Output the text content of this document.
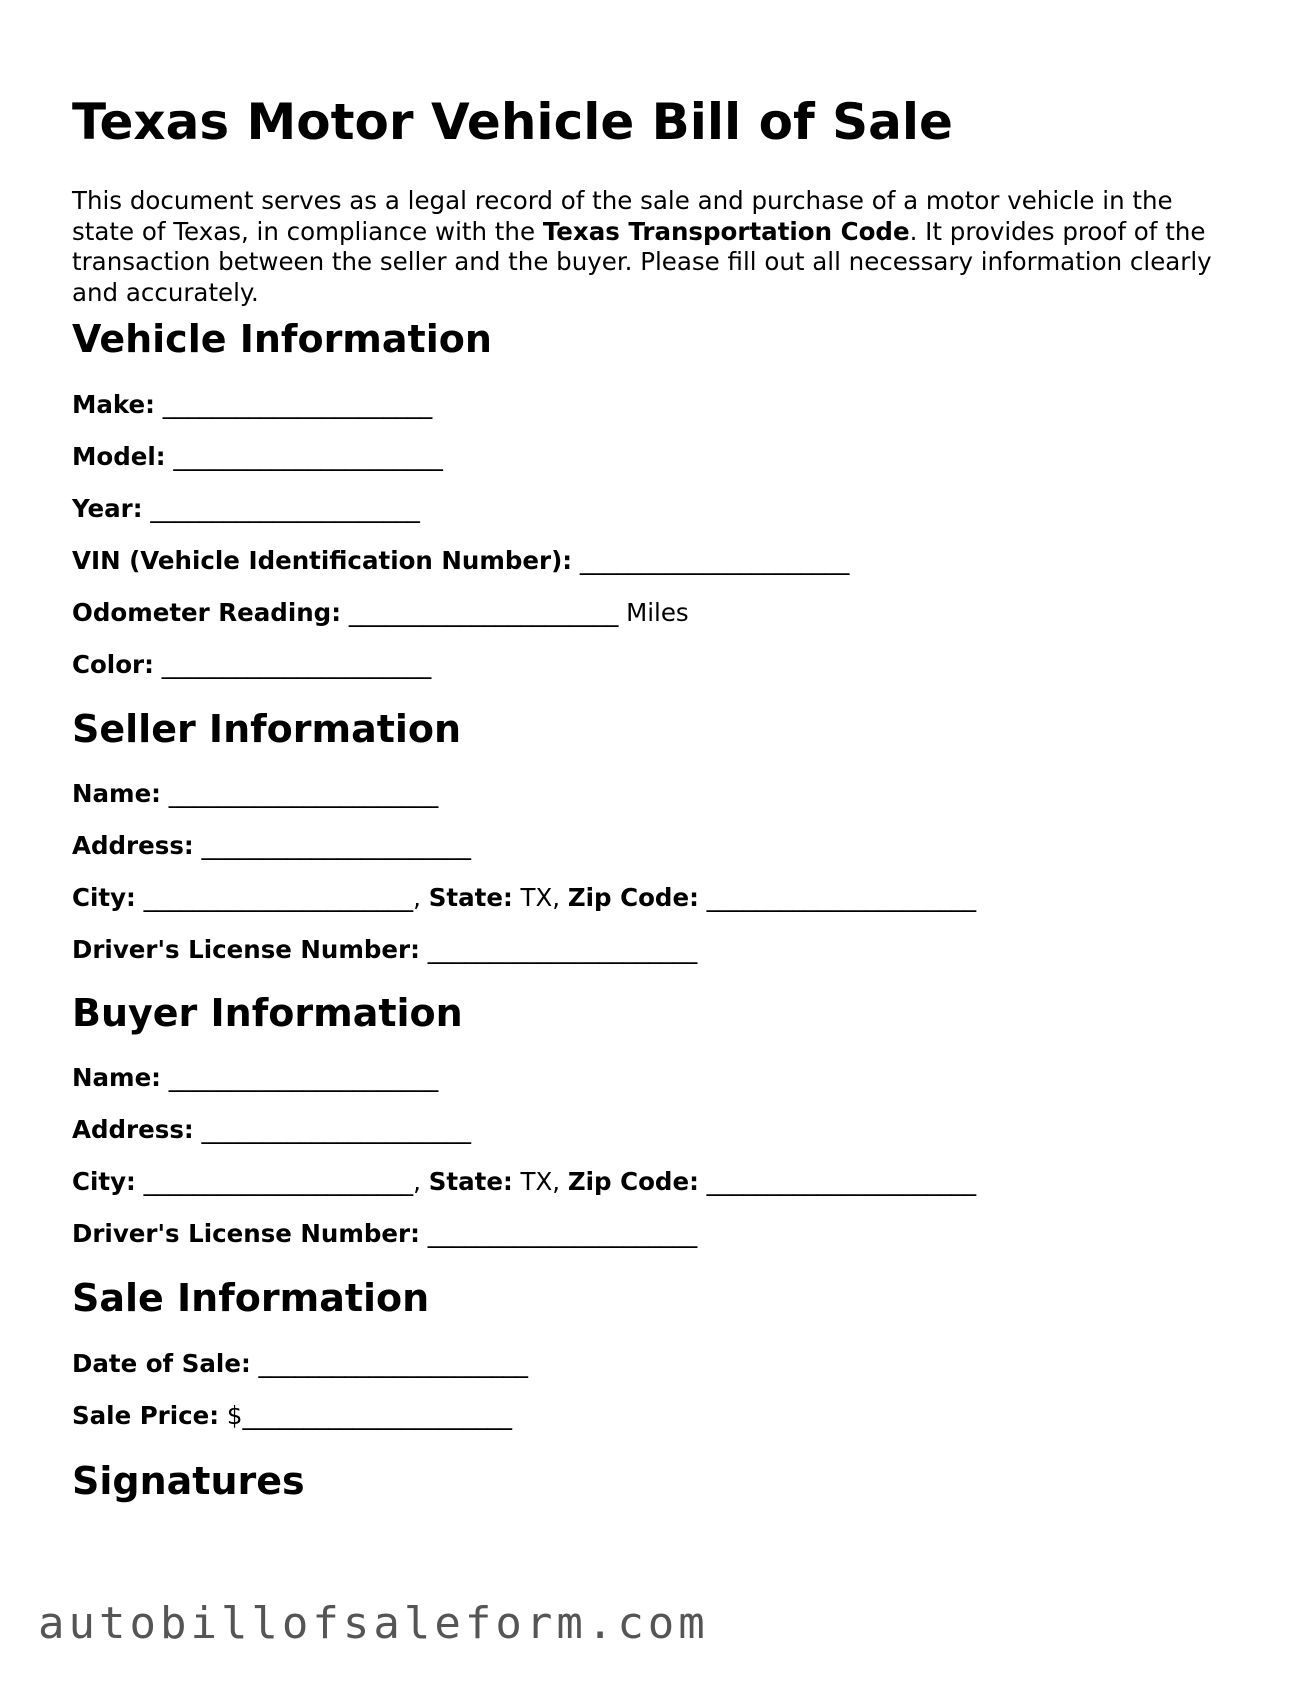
Texas Motor Vehicle Bill of Sale

This document serves as a legal record of the sale and purchase of a motor vehicle in the state of Texas, in compliance with the Texas Transportation Code. It provides proof of the transaction between the seller and the buyer. Please fill out all necessary information clearly and accurately.

Vehicle Information

Make: ______________________

Model: ______________________

Year: ______________________

VIN (Vehicle Identification Number): ______________________

Odometer Reading: ______________________ Miles

Color: ______________________

Seller Information

Name: ______________________

Address: ______________________

City: ______________________, State: TX, Zip Code: ______________________

Driver's License Number: ______________________

Buyer Information

Name: ______________________

Address: ______________________

City: ______________________, State: TX, Zip Code: ______________________

Driver's License Number: ______________________

Sale Information

Date of Sale: ______________________

Sale Price: $______________________

Signatures
autobillofsaleform.com
